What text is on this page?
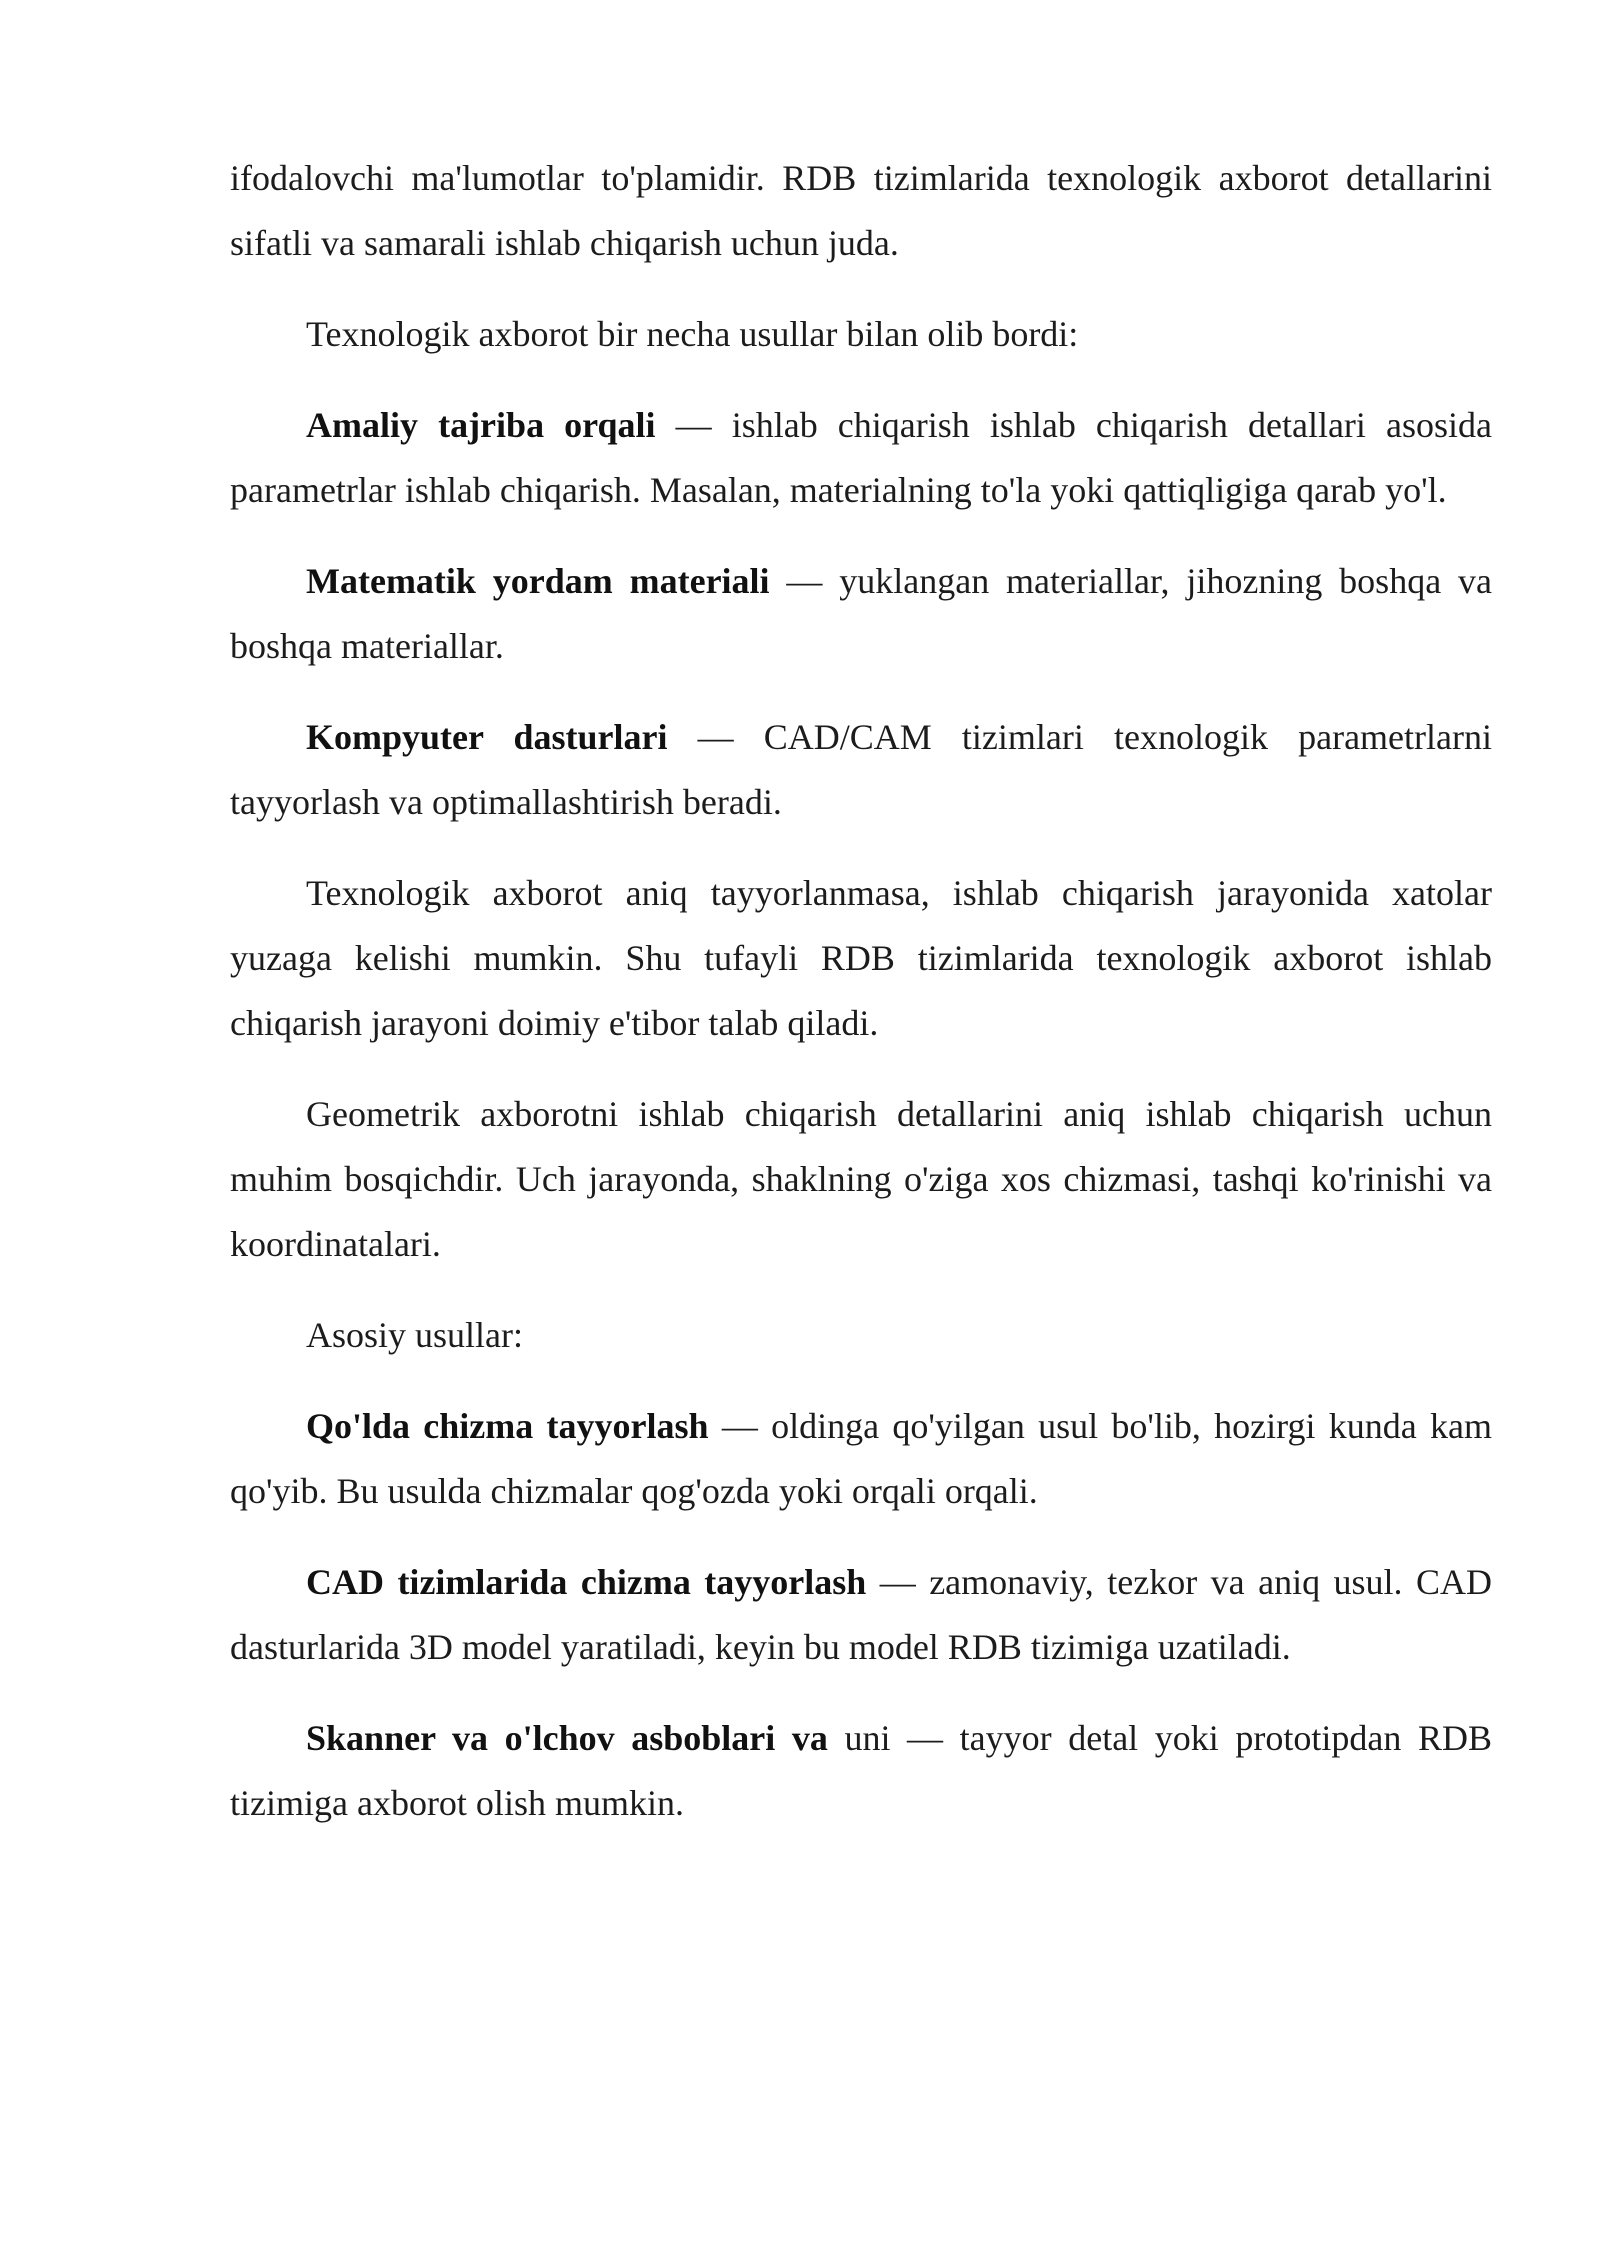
ifodalovchi ma'lumotlar to'plamidir. RDB tizimlarida texnologik axborot detallarini sifatli va samarali ishlab chiqarish uchun juda.

Texnologik axborot bir necha usullar bilan olib bordi:

Amaliy tajriba orqali — ishlab chiqarish ishlab chiqarish detallari asosida parametrlar ishlab chiqarish. Masalan, materialning to'la yoki qattiqligiga qarab yo'l.

Matematik yordam materiali — yuklangan materiallar, jihozning boshqa va boshqa materiallar.

Kompyuter dasturlari — CAD/CAM tizimlari texnologik parametrlarni tayyorlash va optimallashtirish beradi.

Texnologik axborot aniq tayyorlanmasa, ishlab chiqarish jarayonida xatolar yuzaga kelishi mumkin. Shu tufayli RDB tizimlarida texnologik axborot ishlab chiqarish jarayoni doimiy e'tibor talab qiladi.

Geometrik axborotni ishlab chiqarish detallarini aniq ishlab chiqarish uchun muhim bosqichdir. Uch jarayonda, shaklning o'ziga xos chizmasi, tashqi ko'rinishi va koordinatalari.

Asosiy usullar:

Qo'lda chizma tayyorlash — oldinga qo'yilgan usul bo'lib, hozirgi kunda kam qo'yib. Bu usulda chizmalar qog'ozda yoki orqali orqali.

CAD tizimlarida chizma tayyorlash — zamonaviy, tezkor va aniq usul. CAD dasturlarida 3D model yaratiladi, keyin bu model RDB tizimiga uzatiladi.

Skanner va o'lchov asboblari va uni — tayyor detal yoki prototipdan RDB tizimiga axborot olish mumkin.
